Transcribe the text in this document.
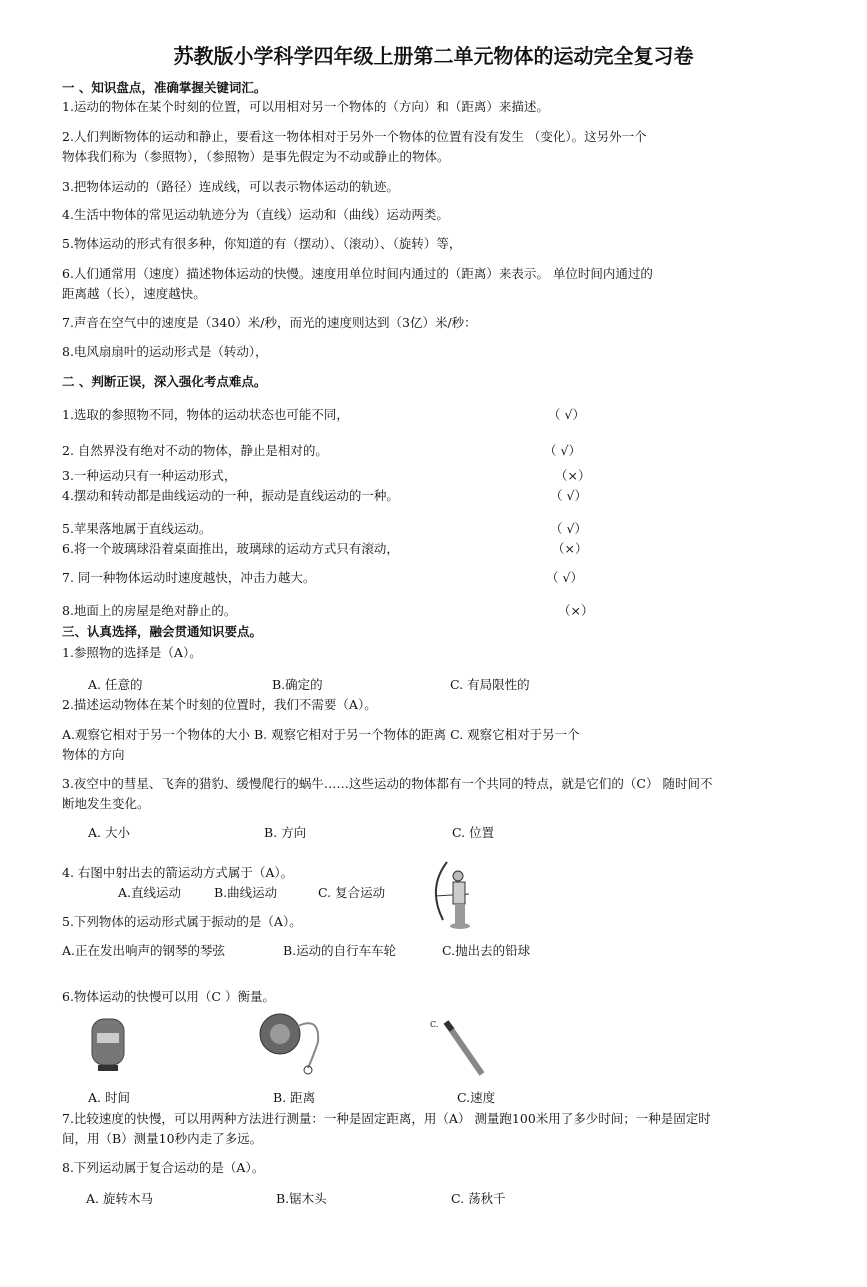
苏教版小学科学四年级上册第二单元物体的运动完全复习卷
一 、知识盘点，准确掌握关键词汇。
1.运动的物体在某个时刻的位置，可以用相对另一个物体的（方向）和（距离）来描述。
2.人们判断物体的运动和静止，要看这一物体相对于另外一个物体的位置有没有发生 （变化）。这另外一个
物体我们称为（参照物），（参照物）是事先假定为不动或静止的物体。
3.把物体运动的（路径）连成线，可以表示物体运动的轨迹。
4.生活中物体的常见运动轨迹分为（直线）运动和（曲线）运动两类。
5.物体运动的形式有很多种，你知道的有（摆动）、（滚动）、（旋转）等，
6.人们通常用（速度）描述物体运动的快慢。速度用单位时间内通过的（距离）来表示。 单位时间内通过的
距离越（长），速度越快。
7.声音在空气中的速度是（340）米/秒，而光的速度则达到（3亿）米/秒：
8.电风扇扇叶的运动形式是（转动），
二 、判断正误，深入强化考点难点。
1.选取的参照物不同，物体的运动状态也可能不同，	（ √）
2. 自然界没有绝对不动的物体，静止是相对的。	（ √）
3.一种运动只有一种运动形式，	（×）
4.摆动和转动都是曲线运动的一种，振动是直线运动的一种。	（ √）
5.苹果落地属于直线运动。	（ √）
6.将一个玻璃球沿着桌面推出，玻璃球的运动方式只有滚动，	（×）
7. 同一种物体运动时速度越快，冲击力越大。	（ √）
8.地面上的房屋是绝对静止的。	（×）
三、认真选择，融会贯通知识要点。
1.参照物的选择是（A）。
A. 任意的	B.确定的	C. 有局限性的
2.描述运动物体在某个时刻的位置时，我们不需要（A）。
A.观察它相对于另一个物体的大小 B. 观察它相对于另一个物体的距离 C. 观察它相对于另一个
物体的方向
3.夜空中的彗星、飞奔的猎豹、缓慢爬行的蜗牛……这些运动的物体都有一个共同的特点，就是它们的（C） 随时间不
断地发生变化。
A. 大小	B. 方向	C. 位置
4. 右图中射出去的箭运动方式属于（A）。
A.直线运动	B.曲线运动	C. 复合运动
5.下列物体的运动形式属于振动的是（A）。
A.正在发出响声的钢琴的琴弦	B.运动的自行车车轮	C.抛出去的铅球
6.物体运动的快慢可以用（C ）衡量。
C.
A. 时间	B. 距离	C.速度
7.比较速度的快慢，可以用两种方法进行测量：一种是固定距离，用（A） 测量跑100米用了多少时间；一种是固定时
间，用（B）测量10秒内走了多远。
8.下列运动属于复合运动的是（A）。
A. 旋转木马	B.锯木头	C. 荡秋千
